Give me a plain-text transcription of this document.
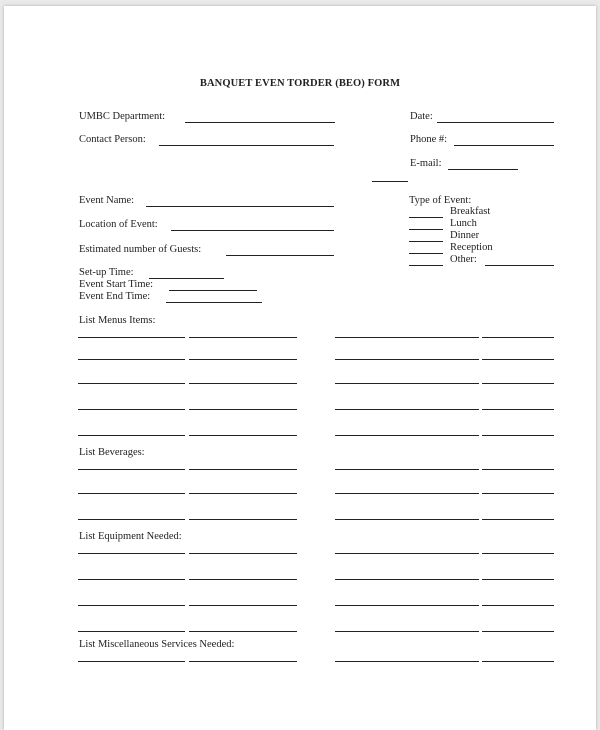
BANQUET EVEN TORDER (BEO) FORM
UMBC Department:	Date:
Contact Person:	Phone #:
E-mail:
Event Name:
Location of Event:
Estimated number of Guests:
Set-up Time:
Event Start Time:
Event End Time:
Type of Event:
Breakfast
Lunch
Dinner
Reception
Other:
List Menus Items:
List Beverages:
List Equipment Needed:
List Miscellaneous Services Needed:
